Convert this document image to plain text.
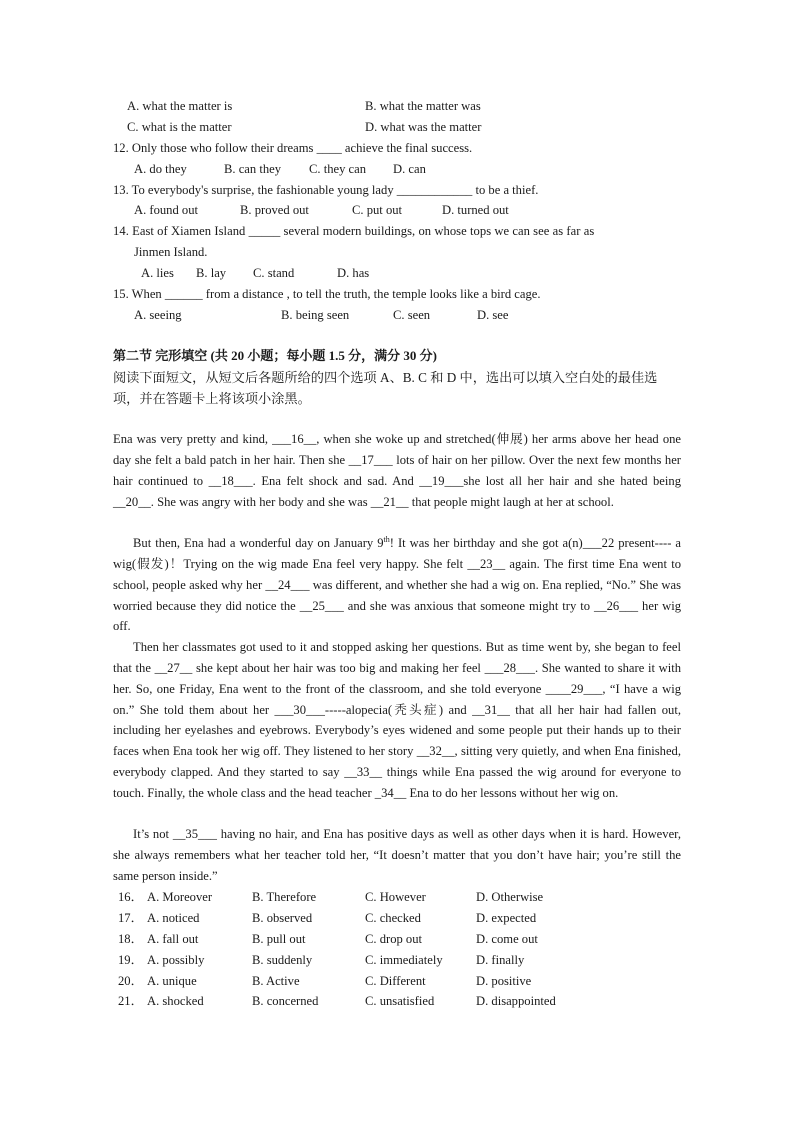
A. what the matter is	B. what the matter was
C. what is the matter	D. what was the matter
12. Only those who follow their dreams ____ achieve the final success.
A. do they	B. can they C. they can D. can
13. To everybody's surprise, the fashionable young lady ____________ to be a thief.
A. found out	B. proved out	C. put out	D. turned out
14. East of Xiamen Island _____ several modern buildings, on whose tops we can see as far as
Jinmen Island.
A. lies B. lay C. stand	D. has
15. When ______ from a distance , to tell the truth, the temple looks like a bird cage.
A. seeing	B. being seen	C. seen	D. see
第二节 完形填空 (共 20 小题；每小题 1.5 分，满分 30 分)
阅读下面短文，从短文后各题所给的四个选项 A、B. C 和 D 中，选出可以填入空白处的最佳选项，并在答题卡上将该项小涂黑。
Ena was very pretty and kind, ___16__, when she woke up and stretched(伸展) her arms above her head one day she felt a bald patch in her hair. Then she __17___ lots of hair on her pillow. Over the next few months her hair continued to __18___. Ena felt shock and sad. And __19___she lost all her hair and she hated being __20__. She was angry with her body and she was __21__ that people might laugh at her at school.
But then, Ena had a wonderful day on January 9th! It was her birthday and she got a(n)___22 present---- a wig(假发)！Trying on the wig made Ena feel very happy. She felt __23__ again. The first time Ena went to school, people asked why her __24___ was different, and whether she had a wig on. Ena replied, “No.” She was worried because they did notice the __25___ and she was anxious that someone might try to __26___ her wig off.
Then her classmates got used to it and stopped asking her questions. But as time went by, she began to feel that the __27__ she kept about her hair was too big and making her feel ___28___. She wanted to share it with her. So, one Friday, Ena went to the front of the classroom, and she told everyone ____29___, “I have a wig on.” She told them about her ___30___-----alopecia(秃头症) and __31__ that all her hair had fallen out, including her eyelashes and eyebrows. Everybody’s eyes widened and some people put their hands up to their faces when Ena took her wig off. They listened to her story __32__, sitting very quietly, and when Ena finished, everybody clapped. And they started to say __33__ things while Ena passed the wig around for everyone to touch. Finally, the whole class and the head teacher _34__ Ena to do her lessons without her wig on.
It’s not __35___ having no hair, and Ena has positive days as well as other days when it is hard. However, she always remembers what her teacher told her, “It doesn’t matter that you don’t have hair; you’re still the same person inside.”
16． A. Moreover	B. Therefore	C. However	D. Otherwise
17． A. noticed	B. observed	C. checked	D. expected
18． A. fall out	B. pull out	C. drop out	D. come out
19． A. possibly	B. suddenly	C. immediately	D. finally
20． A. unique	B. Active	C. Different	D. positive
21． A. shocked	B. concerned	C. unsatisfied	D. disappointed
